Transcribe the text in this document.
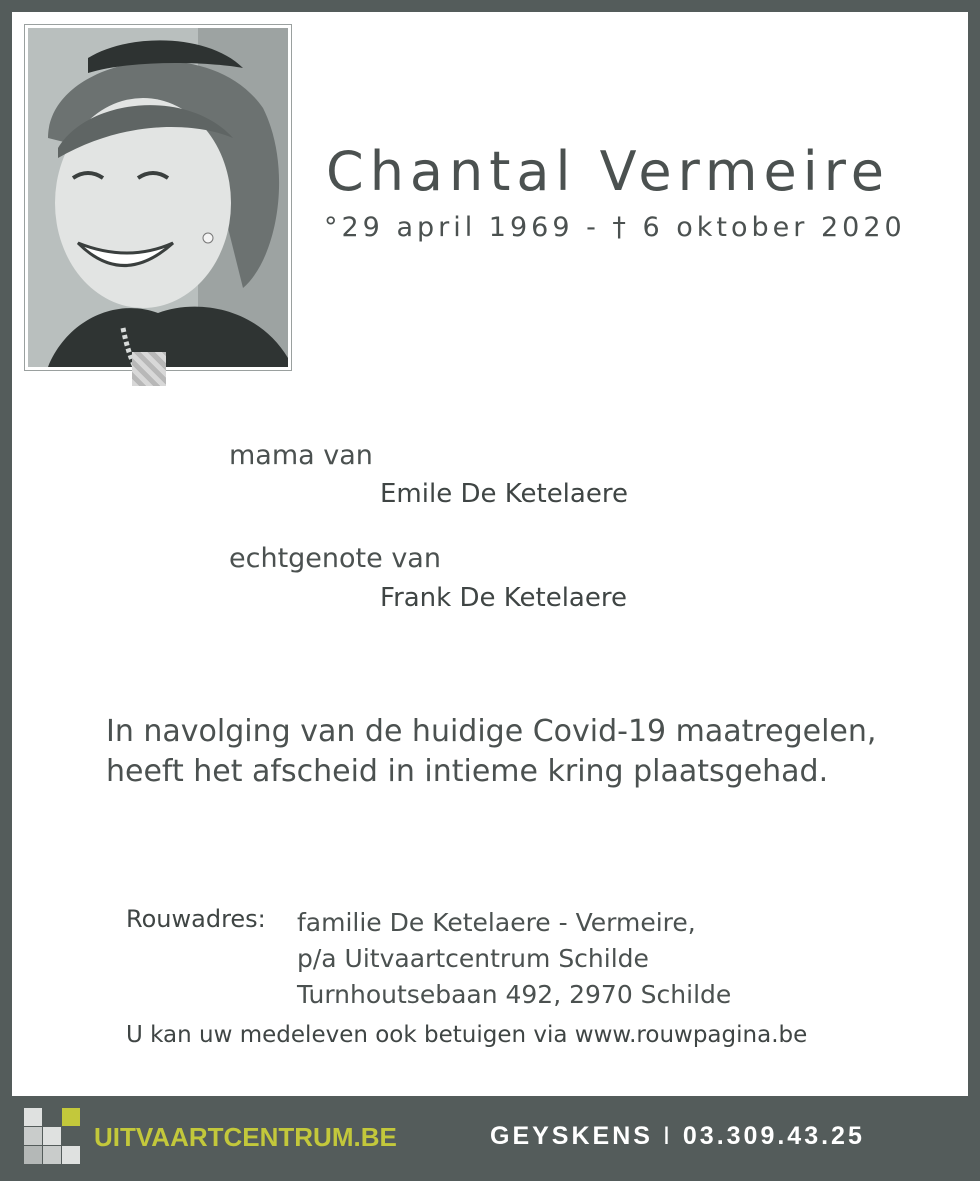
Chantal Vermeire
°29 april 1969 - † 6 oktober 2020
mama van
Emile De Ketelaere
echtgenote van
Frank De Ketelaere

In navolging van de huidige Covid-19 maatregelen,
heeft het afscheid in intieme kring plaatsgehad.

Rouwadres: familie De Ketelaere - Vermeire,
p/a Uitvaartcentrum Schilde
Turnhoutsebaan 492, 2970 Schilde
U kan uw medeleven ook betuigen via www.rouwpagina.be
UITVAARTCENTRUM.BE	GEYSKENS I 03.309.43.25
